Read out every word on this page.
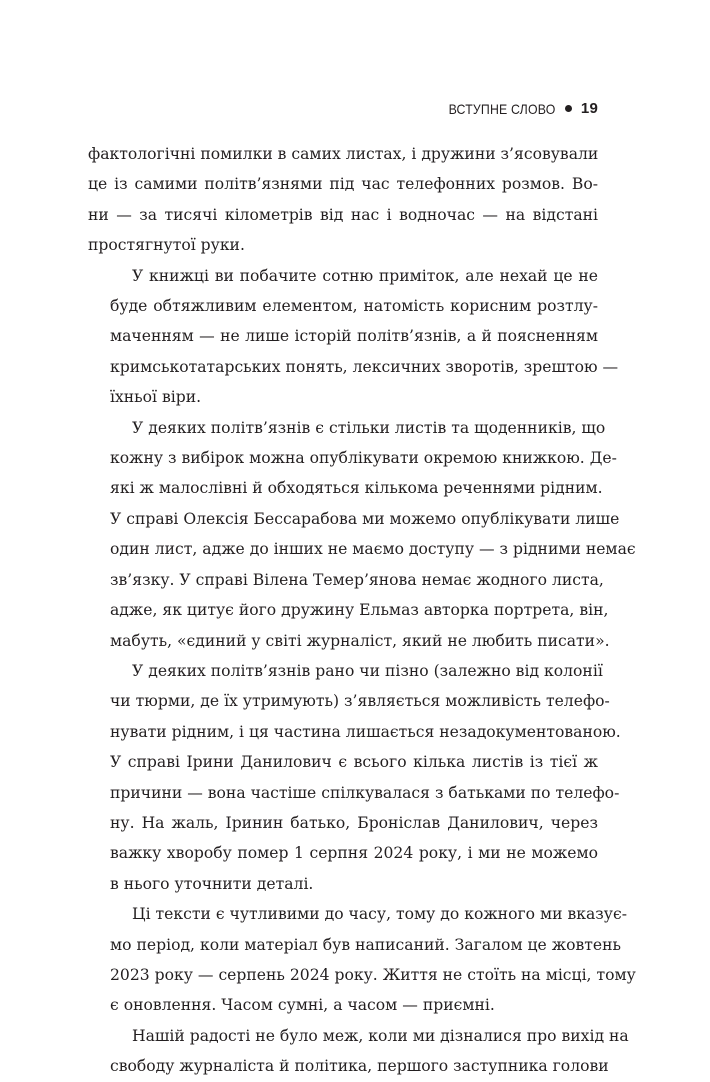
ВСТУПНЕ СЛОВО 19

фактологічні помилки в самих листах, і дружини з’ясовували
це із самими політв’язнями під час телефонних розмов. Во-
ни — за тисячі кілометрів від нас і водночас — на відстані
простягнутої руки.

У книжці ви побачите сотню приміток, але нехай це не
буде обтяжливим елементом, натомість корисним розтлу-
маченням — не лише історій політв’язнів, а й поясненням
кримськотатарських понять, лексичних зворотів, зрештою —
їхньої віри.

У деяких політв’язнів є стільки листів та щоденників, що
кожну з вибірок можна опублікувати окремою книжкою. Де-
які ж малослівні й обходяться кількома реченнями рідним.
У справі Олексія Бессарабова ми можемо опублікувати лише
один лист, адже до інших не маємо доступу — з рідними немає
зв’язку. У справі Вілена Темер’янова немає жодного листа,
адже, як цитує його дружину Ельмаз авторка портрета, він,
мабуть, «єдиний у світі журналіст, який не любить писати».

У деяких політв’язнів рано чи пізно (залежно від колонії
чи тюрми, де їх утримують) з’являється можливість телефо-
нувати рідним, і ця частина лишається незадокументованою.
У справі Ірини Данилович є всього кілька листів із тієї ж
причини — вона частіше спілкувалася з батьками по телефо-
ну. На жаль, Іринин батько, Броніслав Данилович, через
важку хворобу помер 1 серпня 2024 року, і ми не можемо
в нього уточнити деталі.

Ці тексти є чутливими до часу, тому до кожного ми вказує-
мо період, коли матеріал був написаний. Загалом це жовтень
2023 року — серпень 2024 року. Життя не стоїть на місці, тому
є оновлення. Часом сумні, а часом — приємні.

Нашій радості не було меж, коли ми дізналися про вихід на
свободу журналіста й політика, першого заступника голови
